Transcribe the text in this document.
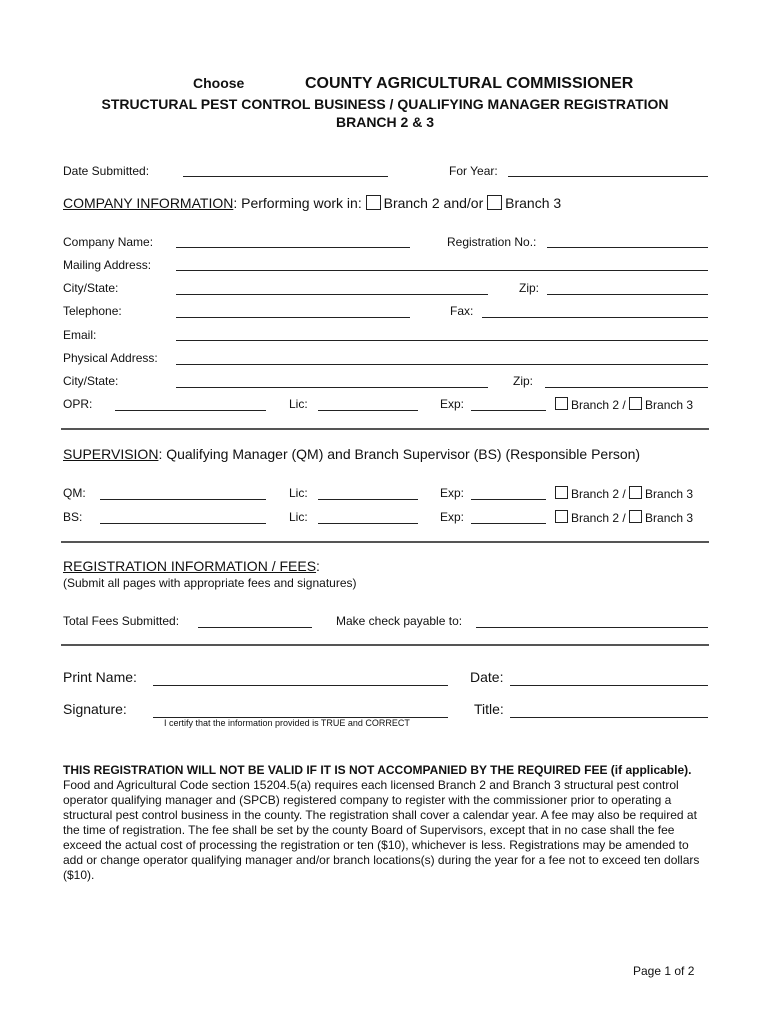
Choose	COUNTY AGRICULTURAL COMMISSIONER
STRUCTURAL PEST CONTROL BUSINESS / QUALIFYING MANAGER REGISTRATION
BRANCH 2 & 3
Date Submitted:	For Year:
COMPANY INFORMATION: Performing work in: Branch 2 and/or Branch 3
Company Name:	Registration No.:
Mailing Address:
City/State:	Zip:
Telephone:	Fax:
Email:
Physical Address:
City/State:	Zip:
OPR:	Lic:	Exp:	Branch 2 / Branch 3
SUPERVISION: Qualifying Manager (QM) and Branch Supervisor (BS) (Responsible Person)
QM:	Lic:	Exp:	Branch 2 / Branch 3
BS:	Lic:	Exp:	Branch 2 / Branch 3
REGISTRATION INFORMATION / FEES:
(Submit all pages with appropriate fees and signatures)
Total Fees Submitted:	Make check payable to:
Print Name:	Date:
Signature:	Title:
I certify that the information provided is TRUE and CORRECT
THIS REGISTRATION WILL NOT BE VALID IF IT IS NOT ACCOMPANIED BY THE REQUIRED FEE (if applicable). Food and Agricultural Code section 15204.5(a) requires each licensed Branch 2 and Branch 3 structural pest control operator qualifying manager and (SPCB) registered company to register with the commissioner prior to operating a structural pest control business in the county. The registration shall cover a calendar year. A fee may also be required at the time of registration. The fee shall be set by the county Board of Supervisors, except that in no case shall the fee exceed the actual cost of processing the registration or ten ($10), whichever is less. Registrations may be amended to add or change operator qualifying manager and/or branch locations(s) during the year for a fee not to exceed ten dollars ($10).
Page 1 of 2
